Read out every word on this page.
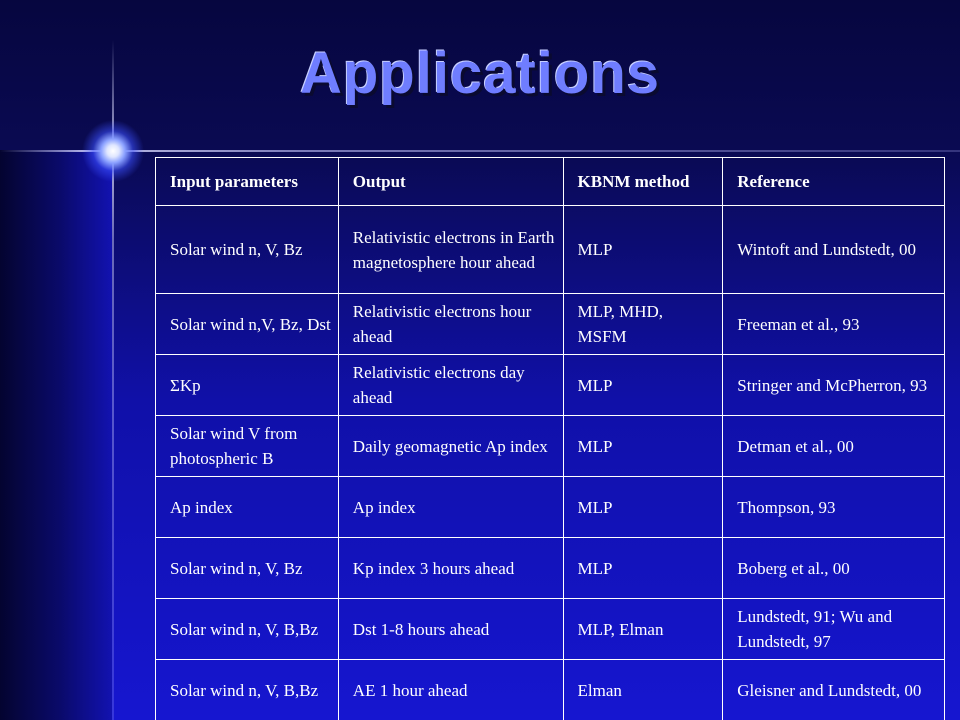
Applications
Input parameters	Output	KBNM method	Reference
Solar wind n, V, Bz	Relativistic electrons in Earth magnetosphere hour ahead	MLP	Wintoft and Lundstedt, 00
Solar wind n,V, Bz, Dst	Relativistic electrons hour ahead	MLP, MHD, MSFM	Freeman et al., 93
ΣKp	Relativistic electrons day ahead	MLP	Stringer and McPherron, 93
Solar wind V from photospheric B	Daily geomagnetic Ap index	MLP	Detman et al., 00
Ap index	Ap index	MLP	Thompson, 93
Solar wind n, V, Bz	Kp index 3 hours ahead	MLP	Boberg et al., 00
Solar wind n, V, B,Bz	Dst 1-8 hours ahead	MLP, Elman	Lundstedt, 91; Wu and Lundstedt, 97
Solar wind n, V, B,Bz	AE 1 hour ahead	Elman	Gleisner and Lundstedt, 00
